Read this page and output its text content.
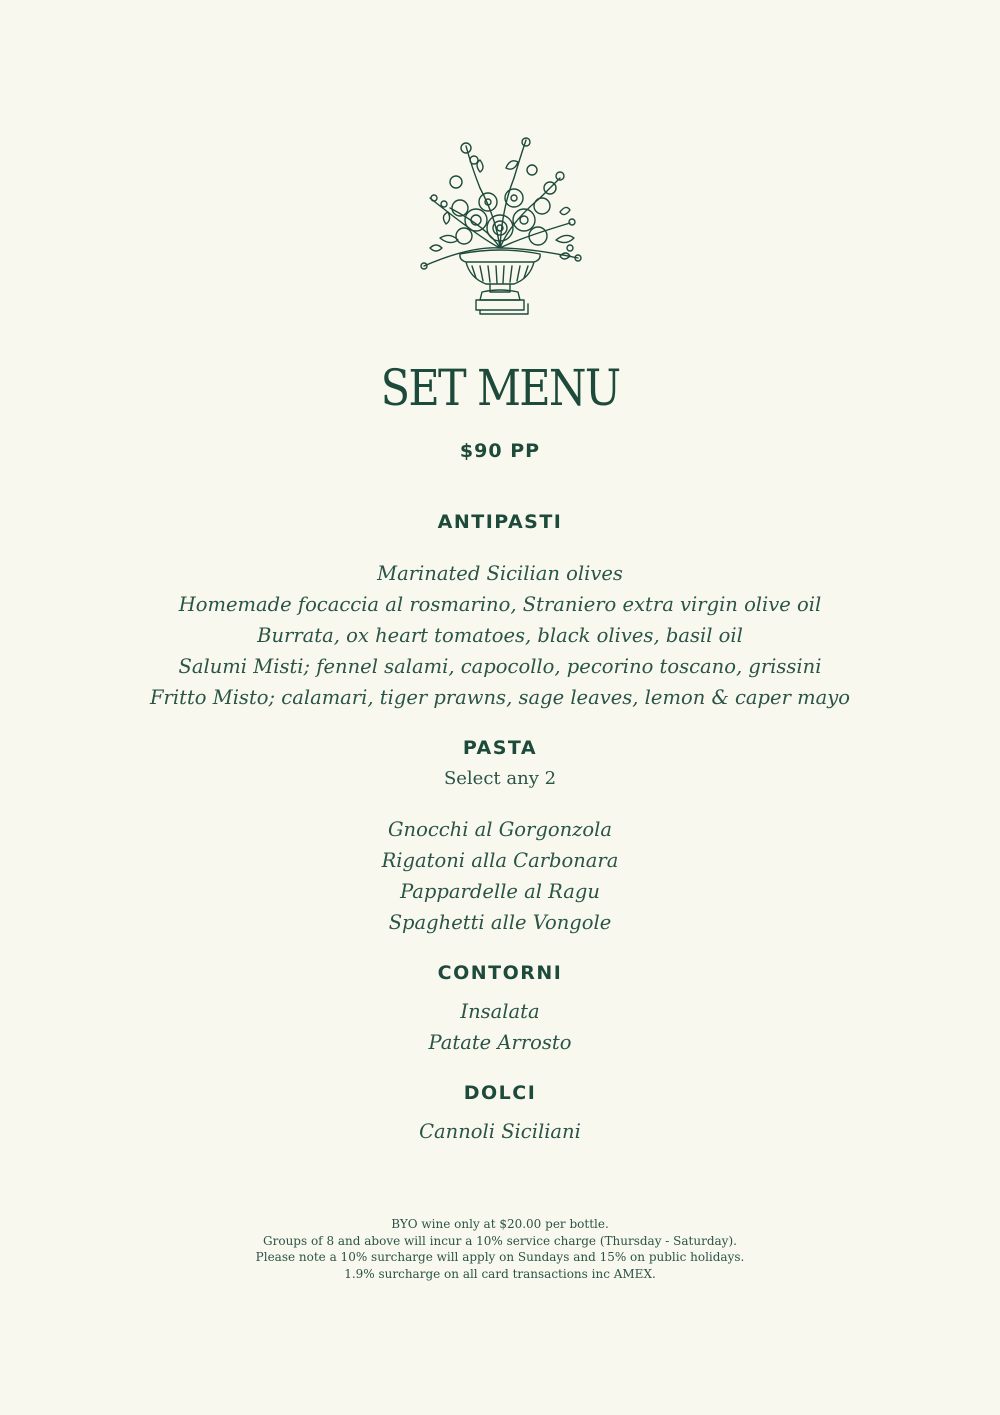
SET MENU
$90 PP
ANTIPASTI
Marinated Sicilian olives
Homemade focaccia al rosmarino, Straniero extra virgin olive oil
Burrata, ox heart tomatoes, black olives, basil oil
Salumi Misti; fennel salami, capocollo, pecorino toscano, grissini
Fritto Misto; calamari, tiger prawns, sage leaves, lemon & caper mayo
PASTA
Select any 2
Gnocchi al Gorgonzola
Rigatoni alla Carbonara
Pappardelle al Ragu
Spaghetti alle Vongole
CONTORNI
Insalata
Patate Arrosto
DOLCI
Cannoli Siciliani
BYO wine only at $20.00 per bottle.
Groups of 8 and above will incur a 10% service charge (Thursday - Saturday).
Please note a 10% surcharge will apply on Sundays and 15% on public holidays.
1.9% surcharge on all card transactions inc AMEX.
